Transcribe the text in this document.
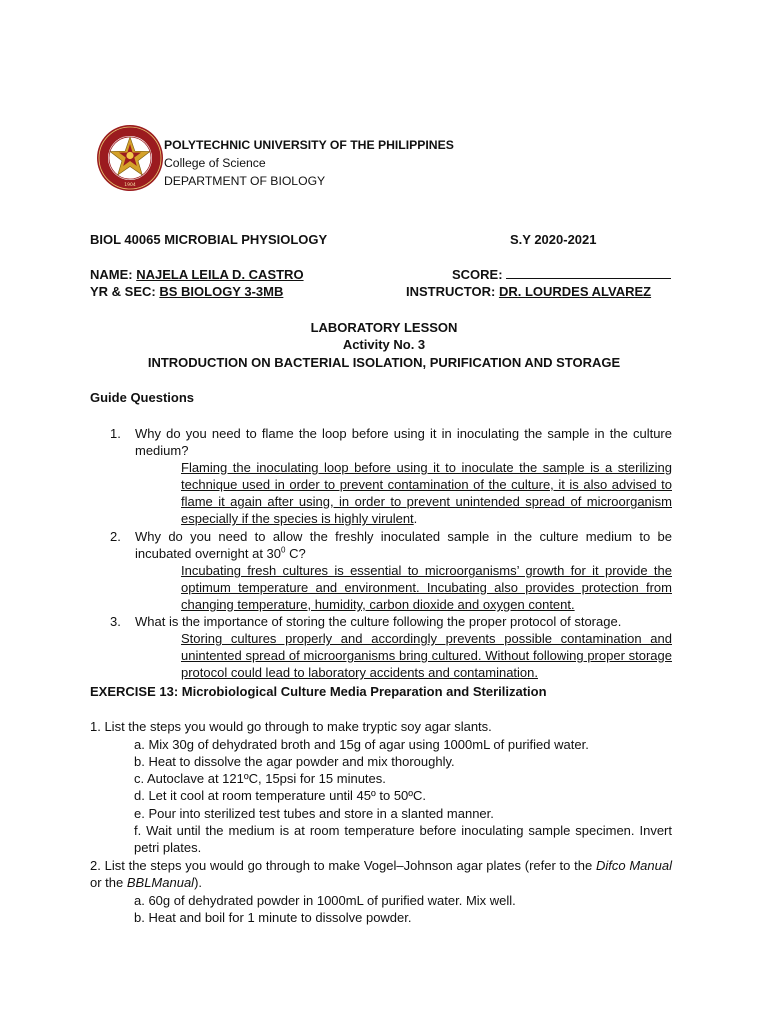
1904
POLYTECHNIC UNIVERSITY OF THE PHILIPPINES
College of Science
DEPARTMENT OF BIOLOGY
BIOL 40065 MICROBIAL PHYSIOLOGY	S.Y 2020-2021
NAME: NAJELA LEILA D. CASTRO	SCORE:
YR & SEC: BS BIOLOGY 3-3MB	INSTRUCTOR: DR. LOURDES ALVAREZ
LABORATORY LESSON
Activity No. 3
INTRODUCTION ON BACTERIAL ISOLATION, PURIFICATION AND STORAGE
Guide Questions
1. Why do you need to flame the loop before using it in inoculating the sample in the culture medium?
Flaming the inoculating loop before using it to inoculate the sample is a sterilizing technique used in order to prevent contamination of the culture, it is also advised to flame it again after using, in order to prevent unintended spread of microorganism especially if the species is highly virulent.
2. Why do you need to allow the freshly inoculated sample in the culture medium to be incubated overnight at $30^0$ C?
Incubating fresh cultures is essential to microorganisms’ growth for it provide the optimum temperature and environment. Incubating also provides protection from changing temperature, humidity, carbon dioxide and oxygen content.
3. What is the importance of storing the culture following the proper protocol of storage.
Storing cultures properly and accordingly prevents possible contamination and unintented spread of microorganisms bring cultured. Without following proper storage protocol could lead to laboratory accidents and contamination.
EXERCISE 13: Microbiological Culture Media Preparation and Sterilization
1. List the steps you would go through to make tryptic soy agar slants.
a. Mix 30g of dehydrated broth and 15g of agar using 1000mL of purified water.
b. Heat to dissolve the agar powder and mix thoroughly.
c. Autoclave at 121ºC, 15psi for 15 minutes.
d. Let it cool at room temperature until 45º to 50ºC.
e. Pour into sterilized test tubes and store in a slanted manner.
f. Wait until the medium is at room temperature before inoculating sample specimen. Invert petri plates.
2. List the steps you would go through to make Vogel–Johnson agar plates (refer to the Difco Manual or the BBLManual).
a. 60g of dehydrated powder in 1000mL of purified water. Mix well.
b. Heat and boil for 1 minute to dissolve powder.
